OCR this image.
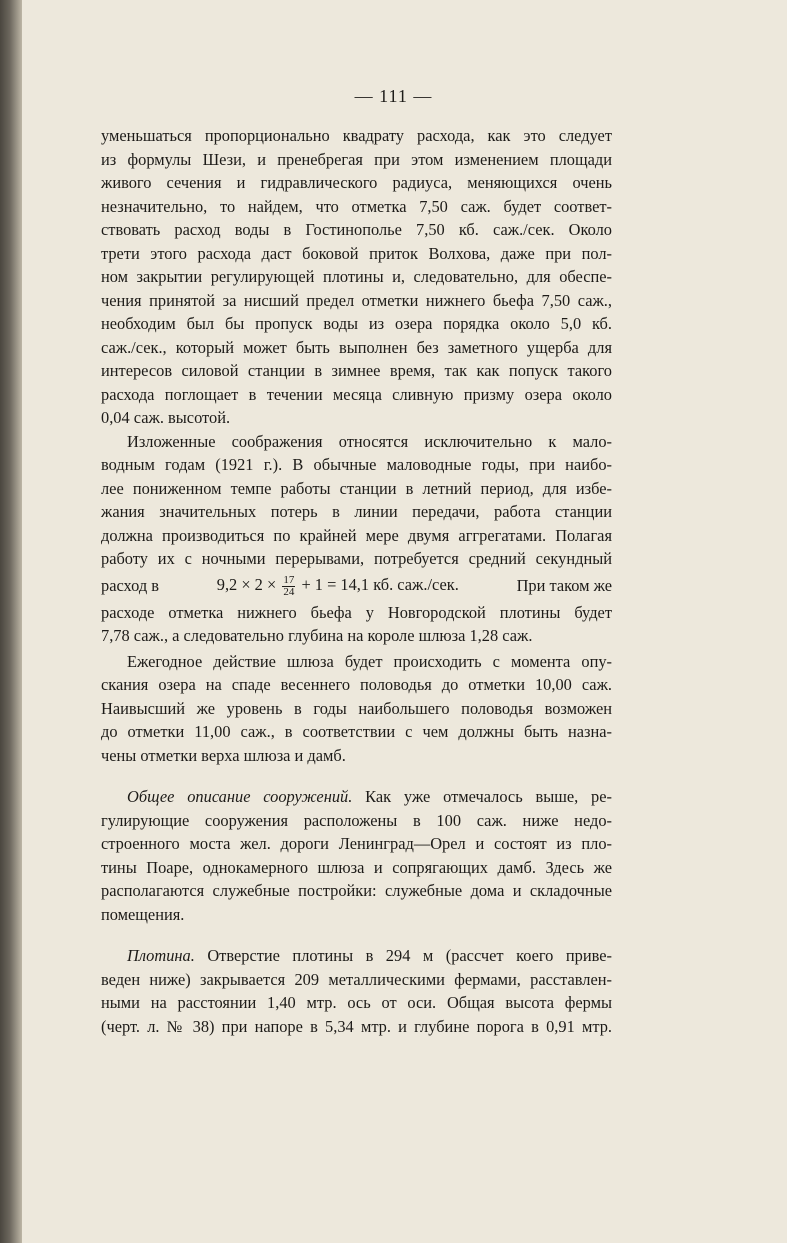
— 111 —
уменьшаться пропорционально квадрату расхода, как это следует
из формулы Шези, и пренебрегая при этом изменением площади
живого сечения и гидравлического радиуса, меняющихся очень
незначительно, то найдем, что отметка 7,50 саж. будет соответ-
ствовать расход воды в Гостинополье 7,50 кб. саж./сек. Около
трети этого расхода даст боковой приток Волхова, даже при пол-
ном закрытии регулирующей плотины и, следовательно, для обеспе-
чения принятой за нисший предел отметки нижнего бьефа 7,50 саж.,
необходим был бы пропуск воды из озера порядка около 5,0 кб.
саж./сек., который может быть выполнен без заметного ущерба для
интересов силовой станции в зимнее время, так как попуск такого
расхода поглощает в течении месяца сливную призму озера около
0,04 саж. высотой.
Изложенные соображения относятся исключительно к мало-
водным годам (1921 г.). В обычные маловодные годы, при наибо-
лее пониженном темпе работы станции в летний период, для избе-
жания значительных потерь в линии передачи, работа станции
должна производиться по крайней мере двумя аггрегатами. Полагая
работу их с ночными перерывами, потребуется средний секундный
расход в	$9,2 \times 2 \times \frac{17}{24} + 1 = 14,1$ кб. саж./сек.	При таком же
расходе отметка нижнего бьефа у Новгородской плотины будет
7,78 саж., а следовательно глубина на короле шлюза 1,28 саж.
Ежегодное действие шлюза будет происходить с момента опу-
скания озера на спаде весеннего половодья до отметки 10,00 саж.
Наивысший же уровень в годы наибольшего половодья возможен
до отметки 11,00 саж., в соответствии с чем должны быть назна-
чены отметки верха шлюза и дамб.
Общее описание сооружений. Как уже отмечалось выше, ре-
гулирующие сооружения расположены в 100 саж. ниже недо-
строенного моста жел. дороги Ленинград—Орел и состоят из пло-
тины Поаре, однокамерного шлюза и сопрягающих дамб. Здесь же
располагаются служебные постройки: служебные дома и складочные
помещения.
Плотина. Отверстие плотины в 294 м (рассчет коего приве-
веден ниже) закрывается 209 металлическими фермами, расставлен-
ными на расстоянии 1,40 мтр. ось от оси. Общая высота фермы
(черт. л. № 38) при напоре в 5,34 мтр. и глубине порога в 0,91 мтр.
